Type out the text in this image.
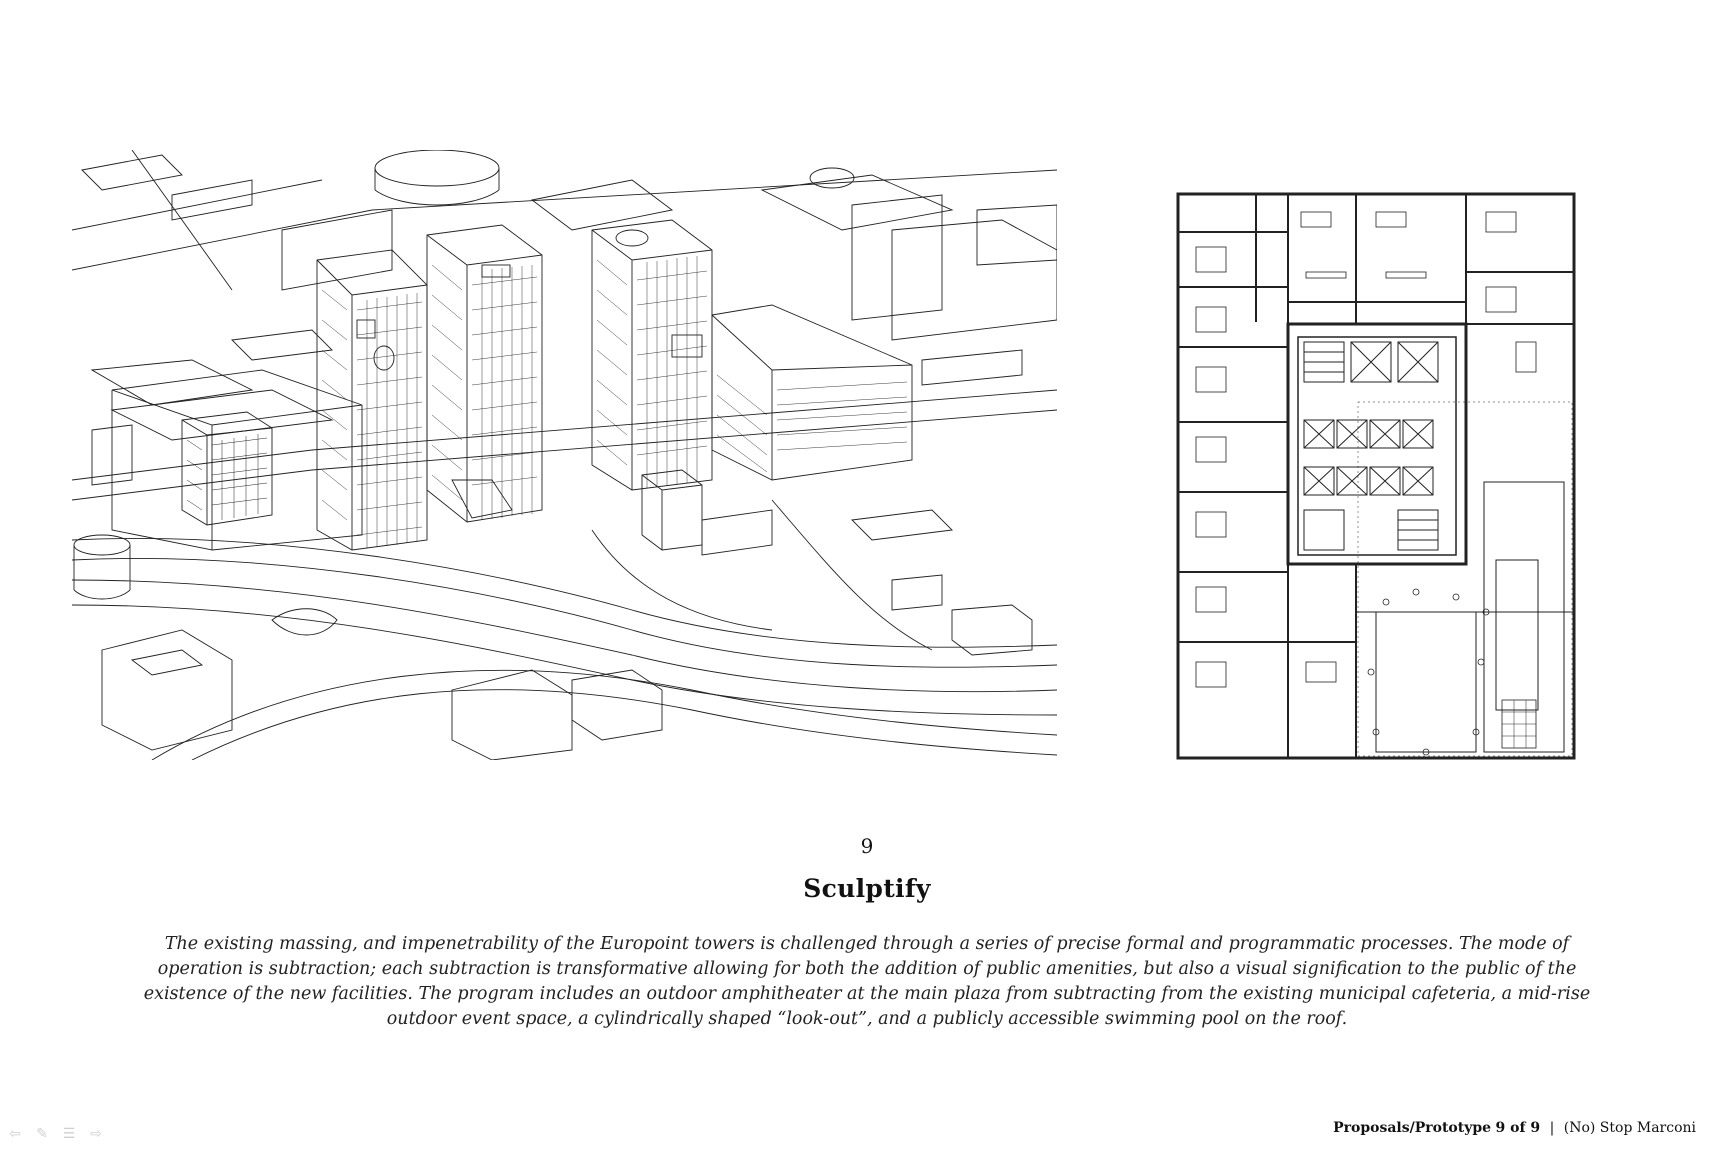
9
Sculptify
The existing massing, and impenetrability of the Europoint towers is challenged through a series of precise formal and programmatic processes. The mode of operation is subtraction; each subtraction is transformative allowing for both the addition of public amenities, but also a visual signification to the public of the existence of the new facilities. The program includes an outdoor amphitheater at the main plaza from subtracting from the existing municipal cafeteria, a mid-rise outdoor event space, a cylindrically shaped “look-out”, and a publicly accessible swimming pool on the roof.
Proposals/Prototype 9 of 9 | (No) Stop Marconi
⇦ ✎ ☰ ⇨
